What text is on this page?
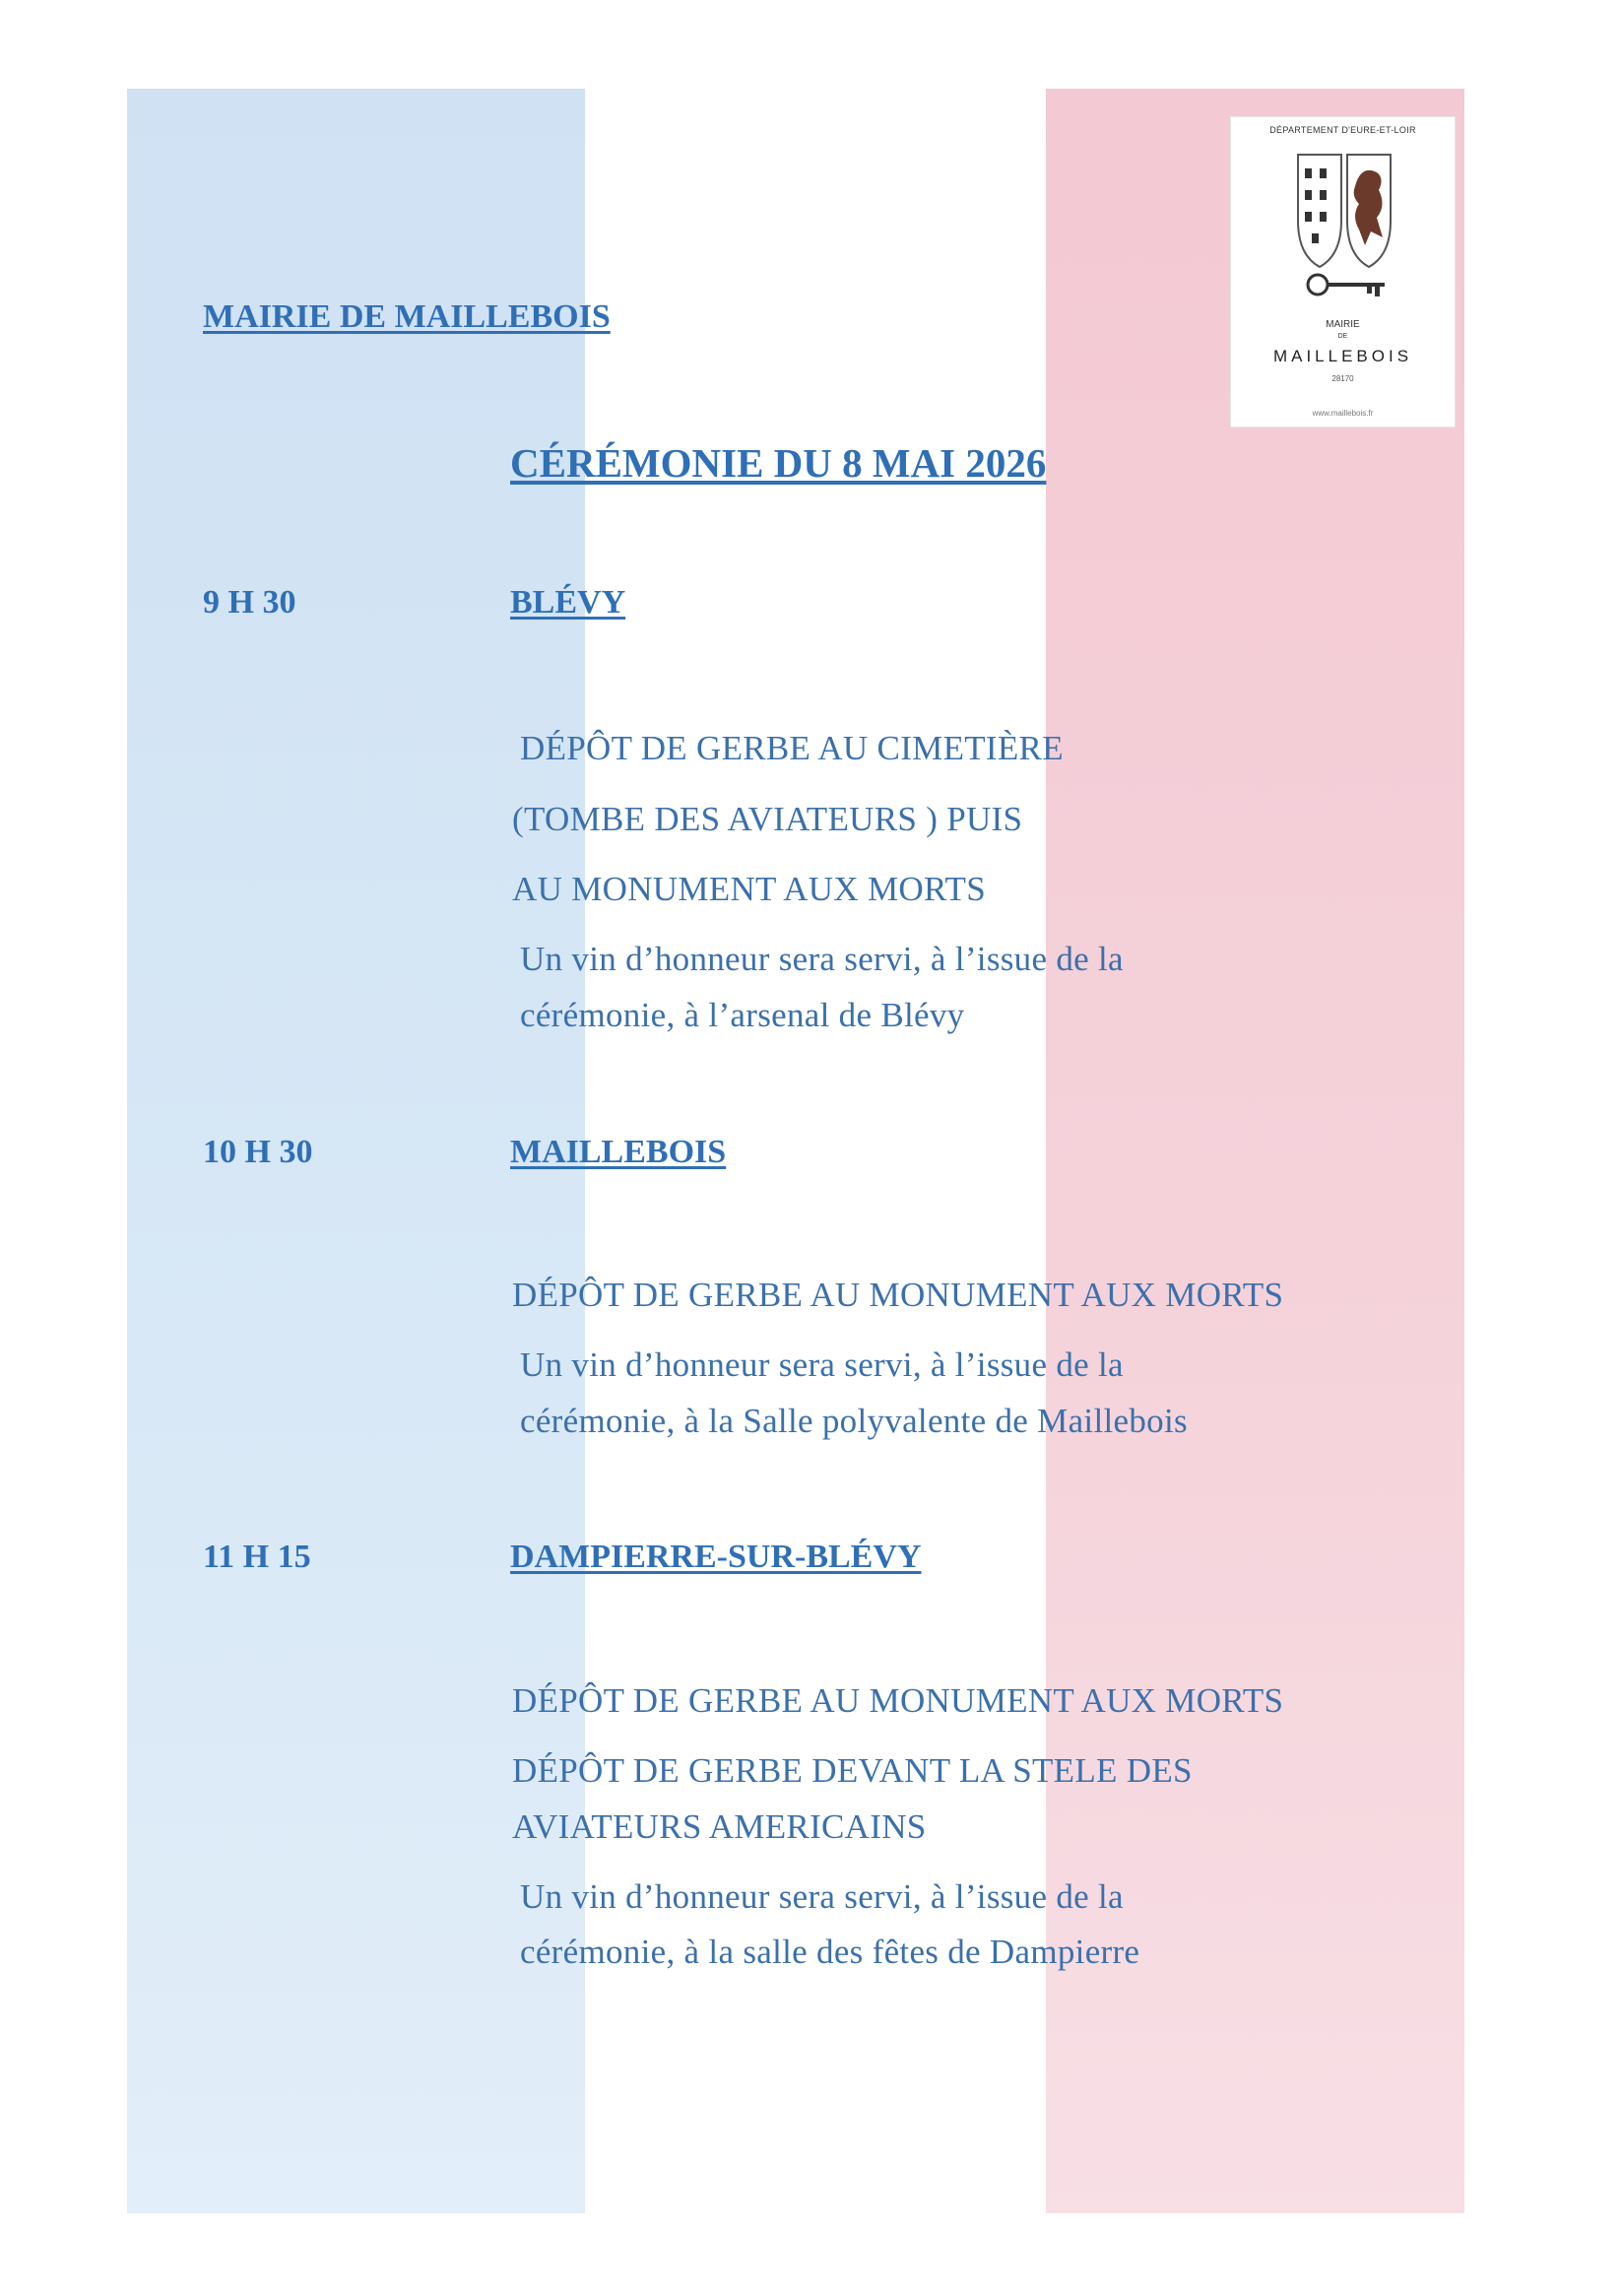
DÉPARTEMENT D'EURE-ET-LOIR
MAIRIE
DE
MAILLEBOIS
28170
www.maillebois.fr
MAIRIE DE MAILLEBOIS
CÉRÉMONIE DU 8 MAI 2026
9 H 30	BLÉVY
DÉPÔT DE GERBE AU CIMETIÈRE
(TOMBE DES AVIATEURS ) PUIS
AU MONUMENT AUX MORTS
Un vin d’honneur sera servi, à l’issue de la
cérémonie, à l’arsenal de Blévy
10 H 30	MAILLEBOIS
DÉPÔT DE GERBE AU MONUMENT AUX MORTS
Un vin d’honneur sera servi, à l’issue de la
cérémonie, à la Salle polyvalente de Maillebois
11 H 15	DAMPIERRE-SUR-BLÉVY
DÉPÔT DE GERBE AU MONUMENT AUX MORTS
DÉPÔT DE GERBE DEVANT LA STELE DES
AVIATEURS AMERICAINS
Un vin d’honneur sera servi, à l’issue de la
cérémonie, à la salle des fêtes de Dampierre
